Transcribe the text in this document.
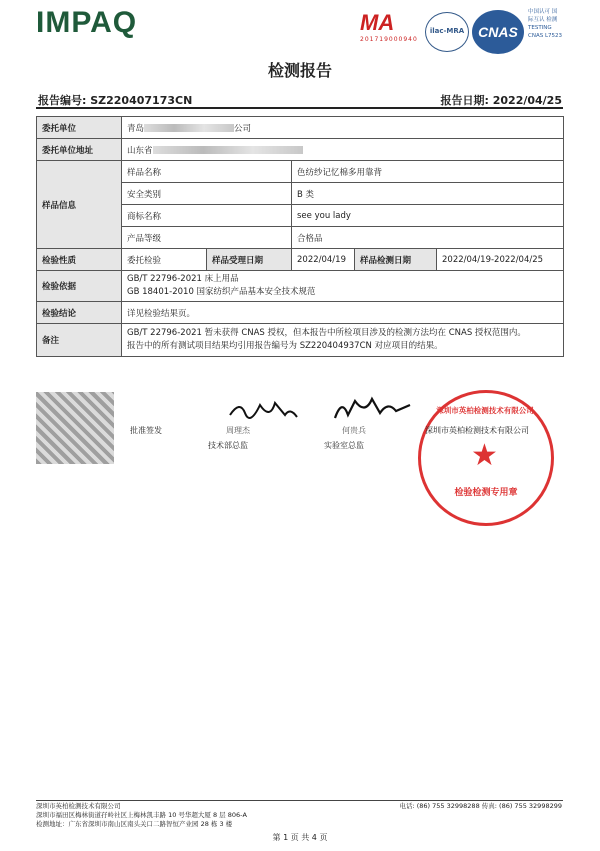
IMPAQ	MA
201719000940
ilac-MRA CNAS
中国认可 国际互认 检测
TESTING
CNAS L7523
检测报告
报告编号: SZ220407173CN	报告日期: 2022/04/25
委托单位	青岛 公司				
委托单位地址	山东省				
样品信息	样品名称		色纺纱记忆棉多用靠背		
	安全类别		B 类		
	商标名称		see you lady		
	产品等级		合格品		
检验性质	委托检验	样品受理日期	2022/04/19	样品检测日期	2022/04/19-2022/04/25
检验依据	GB/T 22796-2021 床上用品
GB 18401-2010 国家纺织产品基本安全技术规范				

检验结论	详见检验结果页。				
备注	GB/T 22796-2021 暂未获得 CNAS 授权，但本报告中所检项目涉及的检测方法均在 CNAS 授权范围内。
报告中的所有测试项目结果均引用报告编号为 SZ220404937CN 对应项目的结果。				
批准签发	周理杰
技术部总监
何贵兵
实验室总监
深圳市英柏检测技术有限公司
★
检验检测专用章
深圳市英柏检测技术有限公司
深圳市英柏检测技术有限公司
深圳市福田区梅林街道孖岭社区上梅林凯丰路 10 号华超大厦 8 层 806-A
检测地址：广东省深圳市南山区南头关口二路智恒产业园 28 栋 3 楼
电话: (86) 755 32998288 传真: (86) 755 32998299
第 1 页 共 4 页
